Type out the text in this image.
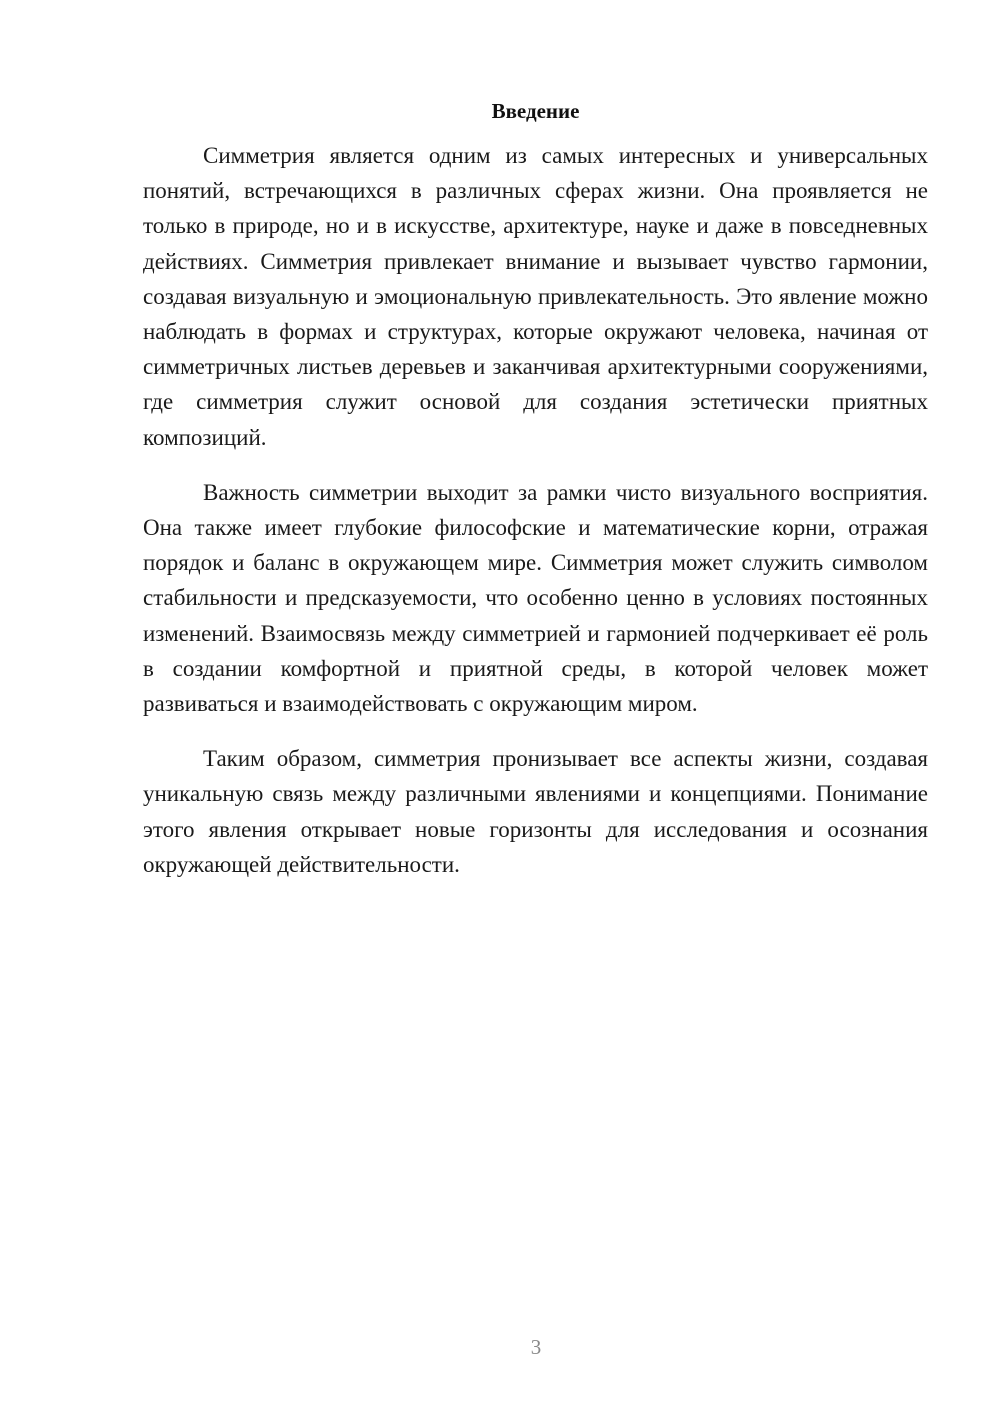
Введение

Симметрия является одним из самых интересных и универсальных понятий, встречающихся в различных сферах жизни. Она проявляется не только в природе, но и в искусстве, архитектуре, науке и даже в повседневных действиях. Симметрия привлекает внимание и вызывает чувство гармонии, создавая визуальную и эмоциональную привлекательность. Это явление можно наблюдать в формах и структурах, которые окружают человека, начиная от симметричных листьев деревьев и заканчивая архитектурными сооружениями, где симметрия служит основой для создания эстетически приятных композиций.

Важность симметрии выходит за рамки чисто визуального восприятия. Она также имеет глубокие философские и математические корни, отражая порядок и баланс в окружающем мире. Симметрия может служить символом стабильности и предсказуемости, что особенно ценно в условиях постоянных изменений. Взаимосвязь между симметрией и гармонией подчеркивает её роль в создании комфортной и приятной среды, в которой человек может развиваться и взаимодействовать с окружающим миром.

Таким образом, симметрия пронизывает все аспекты жизни, создавая уникальную связь между различными явлениями и концепциями. Понимание этого явления открывает новые горизонты для исследования и осознания окружающей действительности.

3
